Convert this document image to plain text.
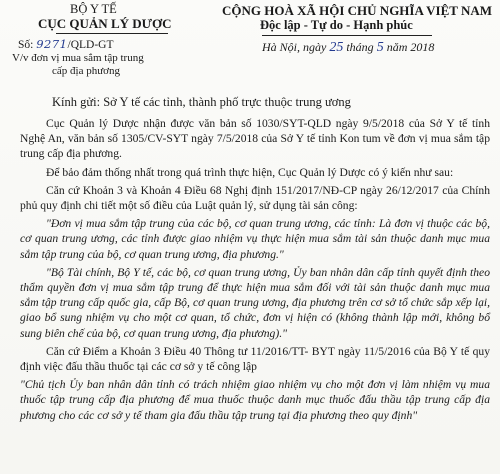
BỘ Y TẾ
CỤC QUẢN LÝ DƯỢC
Số: 9271/QLD-GT
V/v đơn vị mua sắm tập trung
cấp địa phương
CỘNG HOÀ XÃ HỘI CHỦ NGHĨA VIỆT NAM
Độc lập - Tự do - Hạnh phúc
Hà Nội, ngày 25 tháng 5 năm 2018
Kính gửi: Sở Y tế các tỉnh, thành phố trực thuộc trung ương

Cục Quản lý Dược nhận được văn bản số 1030/SYT-QLD ngày 9/5/2018 của Sở Y tế tỉnh Nghệ An, văn bản số 1305/CV-SYT ngày 7/5/2018 của Sở Y tế tỉnh Kon tum về đơn vị mua sắm tập trung cấp địa phương.

Để bảo đảm thống nhất trong quá trình thực hiện, Cục Quản lý Dược có ý kiến như sau:

Căn cứ Khoản 3 và Khoản 4 Điều 68 Nghị định 151/2017/NĐ-CP ngày 26/12/2017 của Chính phủ quy định chi tiết một số điều của Luật quản lý, sử dụng tài sản công:

"Đơn vị mua sắm tập trung của các bộ, cơ quan trung ương, các tỉnh: Là đơn vị thuộc các bộ, cơ quan trung ương, các tỉnh được giao nhiệm vụ thực hiện mua sắm tài sản thuộc danh mục mua sắm tập trung của bộ, cơ quan trung ương, địa phương."

"Bộ Tài chính, Bộ Y tế, các bộ, cơ quan trung ương, Ủy ban nhân dân cấp tỉnh quyết định theo thẩm quyền đơn vị mua sắm tập trung để thực hiện mua sắm đối với tài sản thuộc danh mục mua sắm tập trung cấp quốc gia, cấp Bộ, cơ quan trung ương, địa phương trên cơ sở tổ chức sắp xếp lại, giao bổ sung nhiệm vụ cho một cơ quan, tổ chức, đơn vị hiện có (không thành lập mới, không bổ sung biên chế của bộ, cơ quan trung ương, địa phương)."

Căn cứ Điểm a Khoản 3 Điều 40 Thông tư 11/2016/TT- BYT ngày 11/5/2016 của Bộ Y tế quy định việc đấu thầu thuốc tại các cơ sở y tế công lập

"Chủ tịch Ủy ban nhân dân tỉnh có trách nhiệm giao nhiệm vụ cho một đơn vị làm nhiệm vụ mua thuốc tập trung cấp địa phương để mua thuốc thuộc danh mục thuốc đấu thầu tập trung cấp địa phương cho các cơ sở y tế tham gia đấu thầu tập trung tại địa phương theo quy định"
